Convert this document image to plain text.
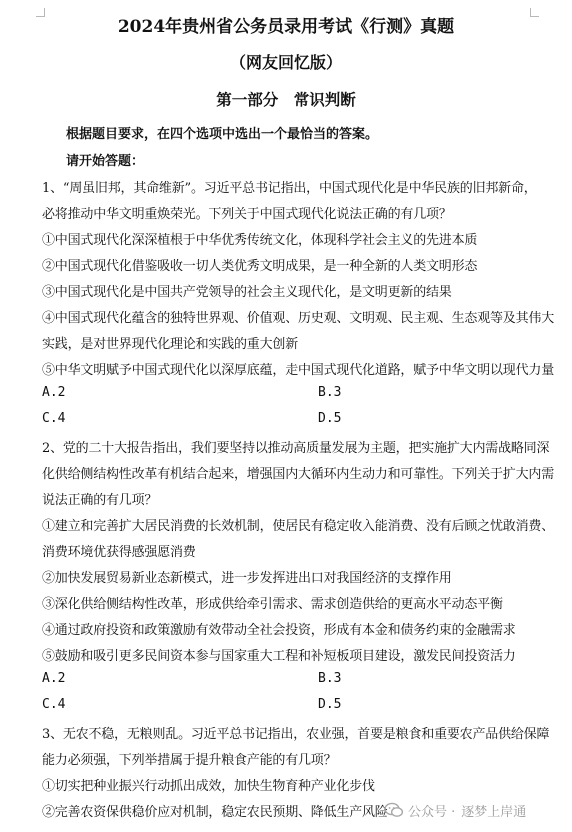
2024年贵州省公务员录用考试《行测》真题
（网友回忆版）
第一部分　常识判断
根据题目要求，在四个选项中选出一个最恰当的答案。
请开始答题：
1、“周虽旧邦，其命维新”。习近平总书记指出，中国式现代化是中华民族的旧邦新命，
必将推动中华文明重焕荣光。下列关于中国式现代化说法正确的有几项？
①中国式现代化深深植根于中华优秀传统文化，体现科学社会主义的先进本质
②中国式现代化借鉴吸收一切人类优秀文明成果，是一种全新的人类文明形态
③中国式现代化是中国共产党领导的社会主义现代化，是文明更新的结果
④中国式现代化蕴含的独特世界观、价值观、历史观、文明观、民主观、生态观等及其伟大
实践，是对世界现代化理论和实践的重大创新
⑤中华文明赋予中国式现代化以深厚底蕴，走中国式现代化道路，赋予中华文明以现代力量
A.2	B.3
C.4	D.5
2、党的二十大报告指出，我们要坚持以推动高质量发展为主题，把实施扩大内需战略同深
化供给侧结构性改革有机结合起来，增强国内大循环内生动力和可靠性。下列关于扩大内需
说法正确的有几项？
①建立和完善扩大居民消费的长效机制，使居民有稳定收入能消费、没有后顾之忧敢消费、
消费环境优获得感强愿消费
②加快发展贸易新业态新模式，进一步发挥进出口对我国经济的支撑作用
③深化供给侧结构性改革，形成供给牵引需求、需求创造供给的更高水平动态平衡
④通过政府投资和政策激励有效带动全社会投资，形成有本金和债务约束的金融需求
⑤鼓励和吸引更多民间资本参与国家重大工程和补短板项目建设，激发民间投资活力
A.2	B.3
C.4	D.5
3、无农不稳，无粮则乱。习近平总书记指出，农业强，首要是粮食和重要农产品供给保障
能力必须强，下列举措属于提升粮食产能的有几项？
①切实把种业振兴行动抓出成效，加快生物育种产业化步伐
②完善农资保供稳价应对机制，稳定农民预期、降低生产风险	公众号 · 逐梦上岸通
